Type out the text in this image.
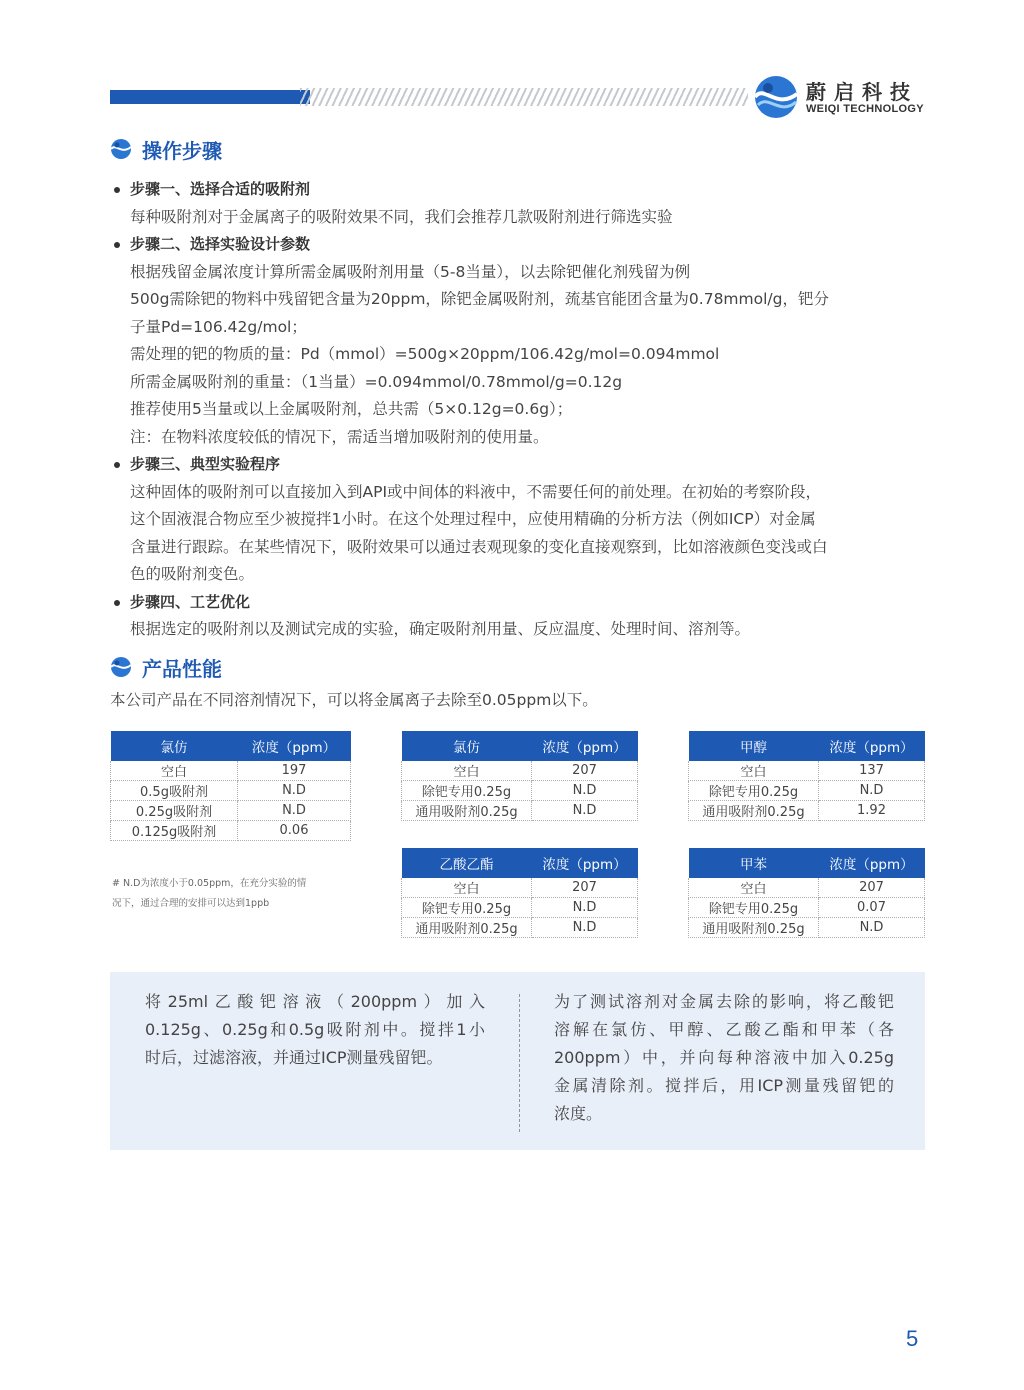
蔚启科技
WEIQI TECHNOLOGY
操作步骤
步骤一、选择合适的吸附剂
每种吸附剂对于金属离子的吸附效果不同，我们会推荐几款吸附剂进行筛选实验
步骤二、选择实验设计参数
根据残留金属浓度计算所需金属吸附剂用量（5-8当量），以去除钯催化剂残留为例
500g需除钯的物料中残留钯含量为20ppm，除钯金属吸附剂，巯基官能团含量为0.78mmol/g，钯分
子量Pd=106.42g/mol；
需处理的钯的物质的量：Pd（mmol）=500g×20ppm/106.42g/mol=0.094mmol
所需金属吸附剂的重量：（1当量）=0.094mmol/0.78mmol/g=0.12g
推荐使用5当量或以上金属吸附剂，总共需（5×0.12g=0.6g）；
注：在物料浓度较低的情况下，需适当增加吸附剂的使用量。
步骤三、典型实验程序
这种固体的吸附剂可以直接加入到API或中间体的料液中，不需要任何的前处理。在初始的考察阶段，
这个固液混合物应至少被搅拌1小时。在这个处理过程中，应使用精确的分析方法（例如ICP）对金属
含量进行跟踪。在某些情况下，吸附效果可以通过表观现象的变化直接观察到，比如溶液颜色变浅或白
色的吸附剂变色。
步骤四、工艺优化
根据选定的吸附剂以及测试完成的实验，确定吸附剂用量、反应温度、处理时间、溶剂等。
产品性能
本公司产品在不同溶剂情况下，可以将金属离子去除至0.05ppm以下。
氯仿	浓度（ppm）
空白	197
0.5g吸附剂	N.D
0.25g吸附剂	N.D
0.125g吸附剂	0.06
氯仿	浓度（ppm）
空白	207
除钯专用0.25g	N.D
通用吸附剂0.25g	N.D
甲醇	浓度（ppm）
空白	137
除钯专用0.25g	N.D
通用吸附剂0.25g	1.92
# N.D为浓度小于0.05ppm，在充分实验的情
况下，通过合理的安排可以达到1ppb
乙酸乙酯	浓度（ppm）
空白	207
除钯专用0.25g	N.D
通用吸附剂0.25g	N.D
甲苯	浓度（ppm）
空白	207
除钯专用0.25g	0.07
通用吸附剂0.25g	N.D
将25ml乙酸钯溶液（200ppm）加入
0.125g、0.25g和0.5g吸附剂中。搅拌1小
时后，过滤溶液，并通过ICP测量残留钯。
为了测试溶剂对金属去除的影响，将乙酸钯
溶解在氯仿、甲醇、乙酸乙酯和甲苯（各
200ppm）中，并向每种溶液中加入0.25g
金属清除剂。搅拌后，用ICP测量残留钯的
浓度。
5
